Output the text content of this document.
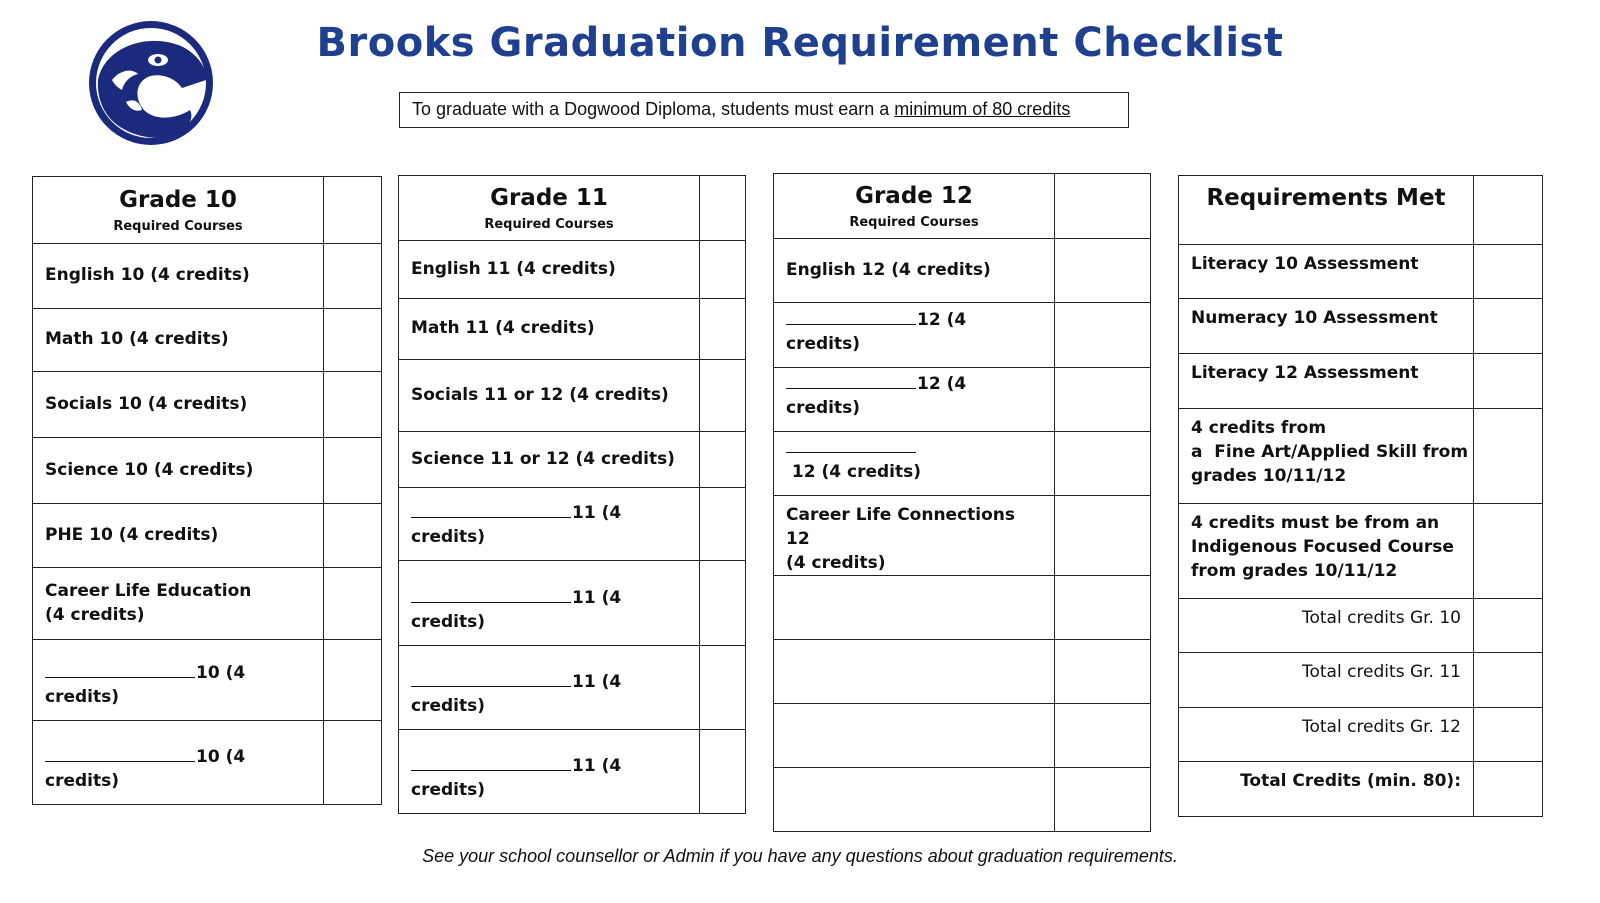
Brooks Graduation Requirement Checklist
To graduate with a Dogwood Diploma, students must earn a minimum of 80 credits
Grade 10
Required Courses	

English 10 (4 credits)	
Math 10 (4 credits)	
Socials 10 (4 credits)	
Science 10 (4 credits)	
PHE 10 (4 credits)	

Career Life Education
(4 credits)	

10 (4 credits)	
10 (4 credits)	
Grade 11
Required Courses	

English 11 (4 credits)	
Math 11 (4 credits)	
Socials 11 or 12 (4 credits)	
Science 11 or 12 (4 credits)	
11 (4 credits)	
11 (4 credits)	
11 (4 credits)	
11 (4 credits)	
Grade 12
Required Courses	

English 12 (4 credits)	
12 (4 credits)	
12 (4 credits)	
12 (4 credits)	

Career Life Connections 12
(4 credits)	

Requirements Met	

Literacy 10 Assessment	
Numeracy 10 Assessment	
Literacy 12 Assessment	

4 credits from
a  Fine Art/Applied Skill from
grades 10/11/12	

4 credits must be from an
Indigenous Focused Course
from grades 10/11/12	

Total credits Gr. 10	
Total credits Gr. 11	
Total credits Gr. 12	
Total Credits (min. 80):	
See your school counsellor or Admin if you have any questions about graduation requirements.
